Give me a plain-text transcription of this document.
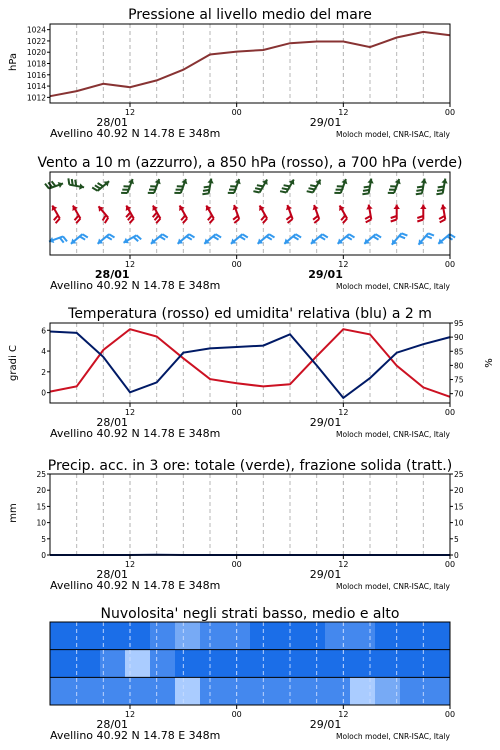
Pressione al livello medio del mare
hPa
12	00	12	00
28/01	29/01
1012
1014
1016
1018
1020
1022
1024
Avellino 40.92 N 14.78 E 348m	Moloch model, CNR-ISAC, Italy
Vento a 10 m (azzurro), a 850 hPa (rosso), a 700 hPa (verde)
12	00	12	00
28/01	29/01
Avellino 40.92 N 14.78 E 348m	Moloch model, CNR-ISAC, Italy
Temperatura (rosso) ed umidita' relativa (blu) a 2 m
gradi C	%
12	00	12	00
28/01	29/01
0
2
4
6
70
75
80
85
90
95
Avellino 40.92 N 14.78 E 348m	Moloch model, CNR-ISAC, Italy
Precip. acc. in 3 ore: totale (verde), frazione solida (tratt.)
mm
12	00	12	00
28/01	29/01
0
5
10
15
20
25
0
5
10
15
20
25
Avellino 40.92 N 14.78 E 348m	Moloch model, CNR-ISAC, Italy
Nuvolosita' negli strati basso, medio e alto
12	00	12	00
28/01	29/01
Avellino 40.92 N 14.78 E 348m	Moloch model, CNR-ISAC, Italy
